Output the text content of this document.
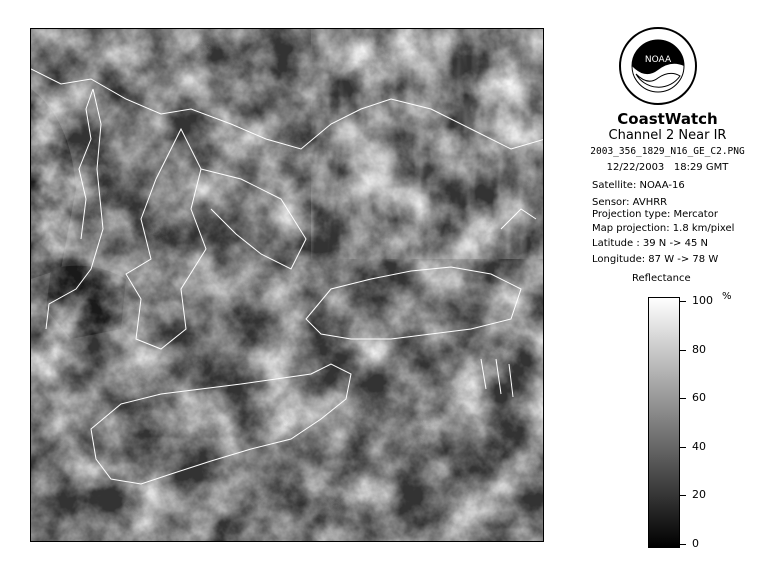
NOAA
CoastWatch
Channel 2 Near IR
2003_356_1829_N16_GE_C2.PNG
12/22/2003 18:29 GMT
Satellite: NOAA-16
Sensor: AVHRR
Projection type: Mercator
Map projection: 1.8 km/pixel
Latitude : 39 N -> 45 N
Longitude: 87 W -> 78 W
Reflectance
%
100
80
60
40
20
0
